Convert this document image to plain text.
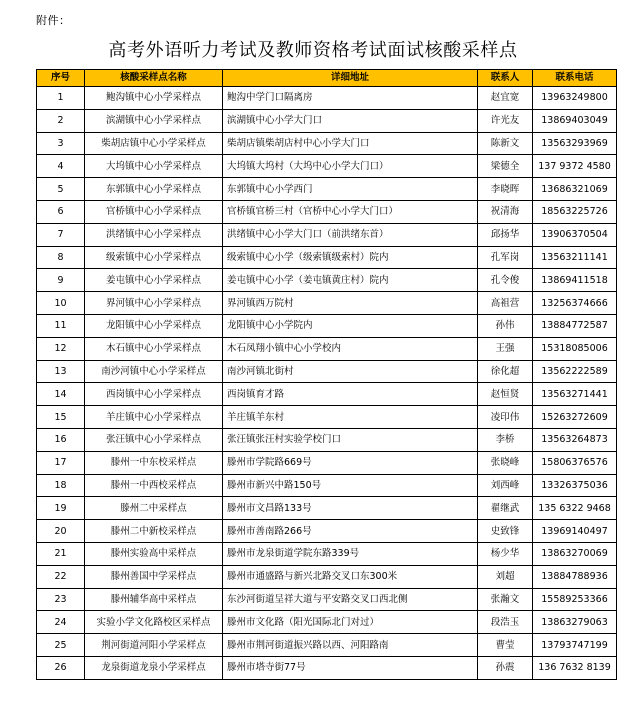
附件：
高考外语听力考试及教师资格考试面试核酸采样点
序号	核酸采样点名称	详细地址	联系人	联系电话
1	鲍沟镇中心小学采样点	鲍沟中学门口隔离房	赵宜宽	13963249800
2	滨湖镇中心小学采样点	滨湖镇中心小学大门口	许光友	13869403049
3	柴胡店镇中心小学采样点	柴胡店镇柴胡店村中心小学大门口	陈新文	13563293969
4	大坞镇中心小学采样点	大坞镇大坞村（大坞中心小学大门口）	梁德全	137 9372 4580
5	东郭镇中心小学采样点	东郭镇中心小学西门	李晓晖	13686321069
6	官桥镇中心小学采样点	官桥镇官桥三村（官桥中心小学大门口）	祝清海	18563225726
7	洪绪镇中心小学采样点	洪绪镇中心小学大门口（前洪绪东首）	邱扬华	13906370504
8	级索镇中心小学采样点	级索镇中心小学（级索镇级索村）院内	孔军岗	13563211141
9	姜屯镇中心小学采样点	姜屯镇中心小学（姜屯镇黄庄村）院内	孔令俊	13869411518
10	界河镇中心小学采样点	界河镇西万院村	高祖营	13256374666
11	龙阳镇中心小学采样点	龙阳镇中心小学院内	孙伟	13884772587
12	木石镇中心小学采样点	木石凤翔小镇中心小学校内	王强	15318085006
13	南沙河镇中心小学采样点	南沙河镇北街村	徐化超	13562222589
14	西岗镇中心小学采样点	西岗镇育才路	赵恒贤	13563271441
15	羊庄镇中心小学采样点	羊庄镇羊东村	凌印伟	15263272609
16	张汪镇中心小学采样点	张汪镇张汪村实验学校门口	李桥	13563264873
17	滕州一中东校采样点	滕州市学院路669号	张晓峰	15806376576
18	滕州一中西校采样点	滕州市新兴中路150号	刘西峰	13326375036
19	滕州二中采样点	滕州市文昌路133号	翟继武	135 6322 9468
20	滕州二中新校采样点	滕州市善南路266号	史致锋	13969140497
21	滕州实验高中采样点	滕州市龙泉街道学院东路339号	杨少华	13863270069
22	滕州善国中学采样点	滕州市通盛路与新兴北路交叉口东300米	刘超	13884788936
23	滕州辅华高中采样点	东沙河街道呈祥大道与平安路交叉口西北侧	张瀚文	15589253366
24	实验小学文化路校区采样点	滕州市文化路（阳光国际北门对过）	段浩玉	13863279063
25	荆河街道河阳小学采样点	滕州市荆河街道振兴路以西、河阳路南	曹莹	13793747199
26	龙泉街道龙泉小学采样点	滕州市塔寺街77号	孙震	136 7632 8139
